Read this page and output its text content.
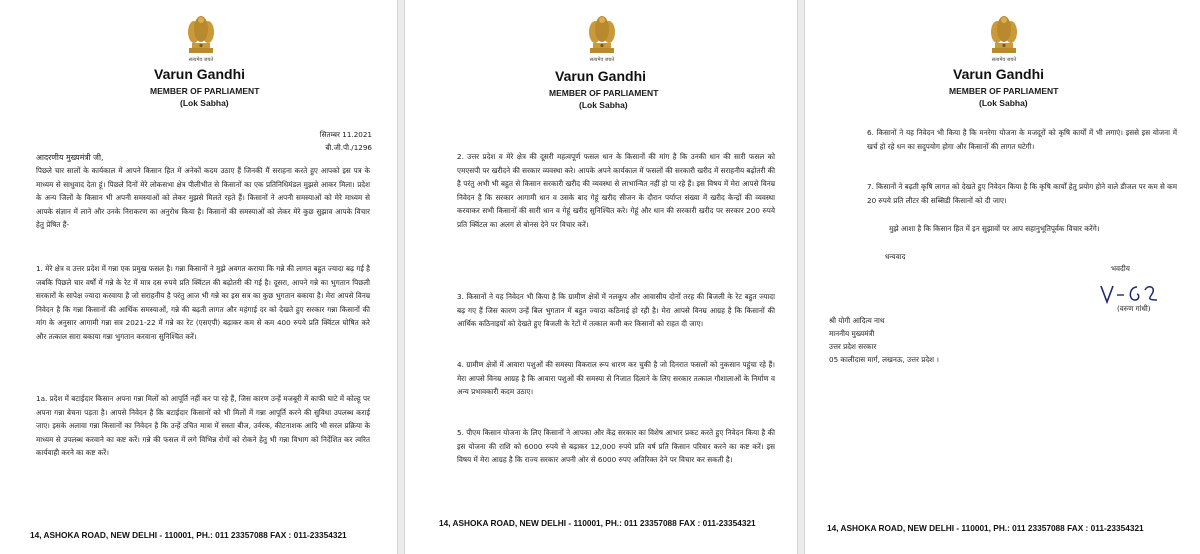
सत्यमेव जयते
Varun Gandhi
MEMBER OF PARLIAMENT
(Lok Sabha)
सितम्बर 11.2021
बी.जी.पी./1296
आदरणीय मुख्यमंत्री जी,

पिछले चार सालों के कार्यकाल में आपने किसान हित में अनेकों कदम उठाए हैं जिनकी मैं सराहना करते हुए आपको इस पत्र के माध्यम से साधुवाद देता हूं। पिछले दिनों मेरे लोकसभा क्षेत्र पीलीभीत से किसानों का एक प्रतिनिधिमंडल मुझसे आकर मिला। प्रदेश के अन्य जिलों के किसान भी अपनी समस्याओं को लेकर मुझसे मिलते रहते हैं। किसानों ने अपनी समस्याओं को मेरे माध्यम से आपके संज्ञान में लाने और उनके निराकरण का अनुरोध किया है। किसानों की समस्याओं को लेकर मेरे कुछ सुझाव आपके विचार हेतु प्रेषित हैं-

1. मेरे क्षेत्र व उत्तर प्रदेश में गन्ना एक प्रमुख फसल है। गन्ना किसानों ने मुझे अवगत कराया कि गन्ने की लागत बहुत ज्यादा बढ़ गई है जबकि पिछले चार वर्षों में गन्ने के रेट में मात्र दस रुपये प्रति क्विंटल की बढ़ोतरी की गई है। दूसरा, आपने गन्ने का भुगतान पिछली सरकारों के सापेक्ष ज्यादा करवाया है जो सराहनीय है परंतु आज भी गन्ने का इस सत्र का कुछ भुगतान बकाया है। मेरा आपसे विनम्र निवेदन है कि गन्ना किसानों की आर्थिक समस्याओं, गन्ने की बढ़ती लागत और महंगाई दर को देखते हुए सरकार गन्ना किसानों की मांग के अनुसार आगामी गन्ना सत्र 2021-22 में गन्ने का रेट (एसएपी) बढ़ाकर कम से कम 400 रुपये प्रति क्विंटल घोषित करे और तत्काल सारा बकाया गन्ना भुगतान करवाना सुनिश्चित करें।

1a. प्रदेश में बटाईदार किसान अपना गन्ना मिलों को आपूर्ति नहीं कर पा रहे हैं, जिस कारण उन्हें मजबूरी में काफी घाटे में कोल्हू पर अपना गन्ना बेचना पड़ता है। आपसे निवेदन है कि बटाईदार किसानों को भी मिलों में गन्ना आपूर्ति करने की सुविधा उपलब्ध कराई जाए। इसके अलावा गन्ना किसानों का निवेदन है कि उन्हें उचित मात्रा में सस्ता बीज, उर्वरक, कीटनाशक आदि भी सरल प्रक्रिया के माध्यम से उपलब्ध करवाने का कष्ट करें। गन्ने की फसल में लगे विभिन्न रोगों को रोकने हेतु भी गन्ना विभाग को निर्देशित कर त्वरित कार्यवाही करने का कष्ट करें।

14, ASHOKA ROAD, NEW DELHI - 110001, PH.: 011 23357088 FAX : 011-23354321
सत्यमेव जयते
Varun Gandhi
MEMBER OF PARLIAMENT
(Lok Sabha)

2. उत्तर प्रदेश व मेरे क्षेत्र की दूसरी महत्वपूर्ण फसल धान के किसानों की मांग है कि उनकी धान की सारी फसल को एमएसपी पर खरीदने की सरकार व्यवस्था करे। आपके अपने कार्यकाल में फसलों की सरकारी खरीद में सराहनीय बढ़ोतरी की है परंतु अभी भी बहुत से किसान सरकारी खरीद की व्यवस्था से लाभान्वित नहीं हो पा रहे हैं। इस विषय में मेरा आपसे विनम्र निवेदन है कि सरकार आगामी धान व उसके बाद गेहूं खरीद सीजन के दौरान पर्याप्त संख्या में खरीद केन्द्रों की व्यवस्था करवाकर सभी किसानों की सारी धान व गेहूं खरीद सुनिश्चित करे। गेहूं और धान की सरकारी खरीद पर सरकार 200 रुपये प्रति क्विंटल का अलग से बोनस देने पर विचार करें।

3. किसानों ने यह निवेदन भी किया है कि ग्रामीण क्षेत्रों में नलकूप और आवासीय दोनों तरह की बिजली के रेट बहुत ज्यादा बढ़ गए हैं जिस कारण उन्हें बिल भुगतान में बहुत ज्यादा कठिनाई हो रही है। मेरा आपसे विनम्र आग्रह है कि किसानों की आर्थिक कठिनाइयों को देखते हुए बिजली के रेटों में तत्काल कमी कर किसानों को राहत दी जाए।

4. ग्रामीण क्षेत्रों में आवारा पशुओं की समस्या विकराल रूप धारण कर चुकी है जो दिनरात फसलों को नुकसान पहुंचा रहे हैं। मेरा आपसे विनम्र आग्रह है कि आवारा पशुओं की समस्या से निजात दिलाने के लिए सरकार तत्काल गौशालाओं के निर्माण व अन्य प्रभावकारी कदम उठाए।

5. पीएम किसान योजना के लिए किसानों ने आपका और केंद्र सरकार का विशेष आभार प्रकट करते हुए निवेदन किया है की इस योजना की राशि को 6000 रुपये से बढ़ाकर 12,000 रुपये प्रति वर्ष प्रति किसान परिवार करने का कष्ट करें। इस विषय में मेरा आग्रह है कि राज्य सरकार अपनी ओर से 6000 रुपए अतिरिक्त देने पर विचार कर सकती है।

14, ASHOKA ROAD, NEW DELHI - 110001, PH.: 011 23357088 FAX : 011-23354321
सत्यमेव जयते
Varun Gandhi
MEMBER OF PARLIAMENT
(Lok Sabha)

6. किसानों ने यह निवेदन भी किया है कि मनरेगा योजना के मजदूरों को कृषि कार्यों में भी लगाएं। इससे इस योजना में खर्च हो रहे धन का सदुपयोग होगा और किसानों की लागत घटेगी।

7. किसानों ने बढ़ती कृषि लागत को देखते हुए निवेदन किया है कि कृषि कार्यों हेतु प्रयोग होने वाले डीजल पर कम से कम 20 रुपये प्रति लीटर की सब्सिडी किसानों को दी जाए।

मुझे आशा है कि किसान हित में इन सुझावों पर आप सहानुभूतिपूर्वक विचार करेंगे।
धन्यवाद
भवदीय
(वरुण गांधी)
श्री योगी आदित्य नाथ
माननीय मुख्यमंत्री
उत्तर प्रदेश सरकार
05 कालीदास मार्ग, लखनऊ, उत्तर प्रदेश ।
14, ASHOKA ROAD, NEW DELHI - 110001, PH.: 011 23357088 FAX : 011-23354321
